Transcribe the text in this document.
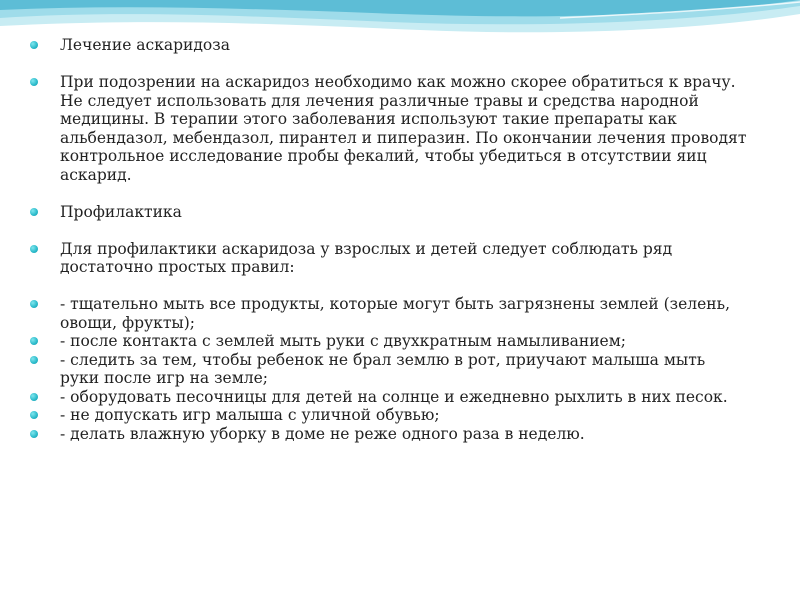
Лечение аскаридоза
При подозрении на аскаридоз необходимо как можно скорее обратиться к врачу. Не следует использовать для лечения различные травы и средства народной медицины. В терапии этого заболевания используют такие препараты как альбендазол, мебендазол, пирантел и пиперазин. По окончании лечения проводят контрольное исследование пробы фекалий, чтобы убедиться в отсутствии яиц аскарид.
Профилактика
Для профилактики аскаридоза у взрослых и детей следует соблюдать ряд достаточно простых правил:
- тщательно мыть все продукты, которые могут быть загрязнены землей (зелень, овощи, фрукты);
- после контакта с землей мыть руки с двухкратным намыливанием;
- следить за тем, чтобы ребенок не брал землю в рот, приучают малыша мыть руки после игр на земле;
- оборудовать песочницы для детей на солнце и ежедневно рыхлить в них песок.
- не допускать игр малыша с уличной обувью;
- делать влажную уборку в доме не реже одного раза в неделю.
